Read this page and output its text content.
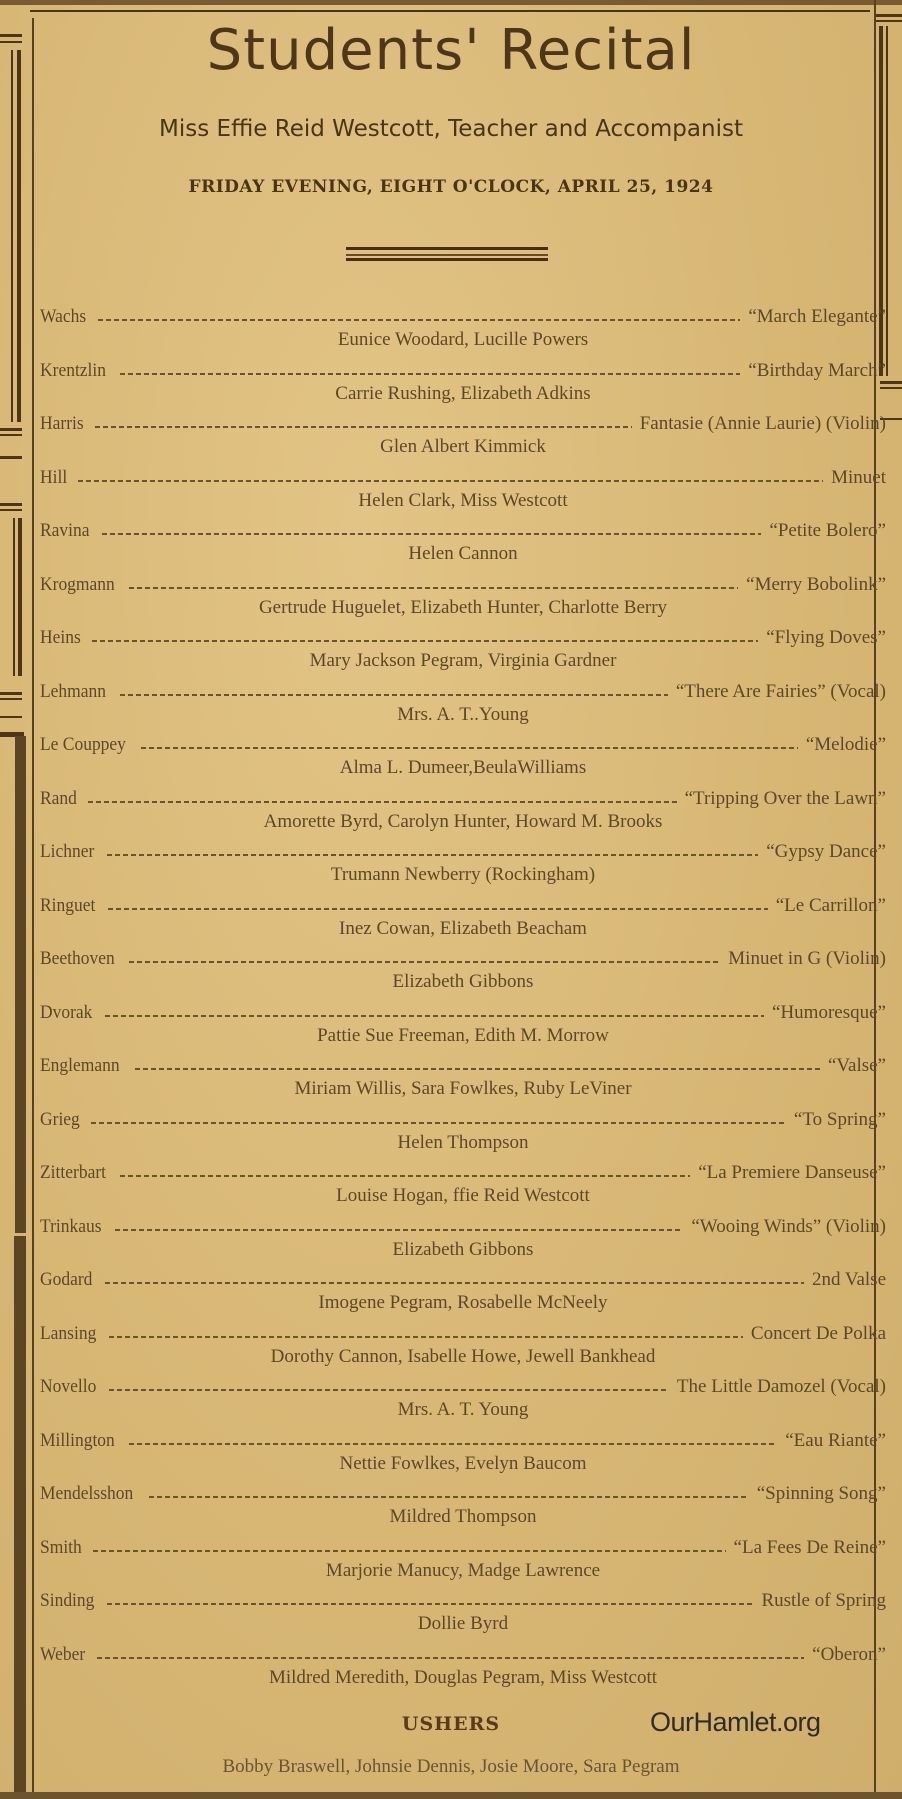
Students' Recital
Miss Effie Reid Westcott, Teacher and Accompanist
FRIDAY EVENING, EIGHT O'CLOCK, APRIL 25, 1924
Wachs	“March Elegante”
Eunice Woodard, Lucille Powers
Krentzlin	“Birthday March”
Carrie Rushing, Elizabeth Adkins
Harris	Fantasie (Annie Laurie) (Violin)
Glen Albert Kimmick
Hill	Minuet
Helen Clark, Miss Westcott
Ravina	“Petite Bolero”
Helen Cannon
Krogmann	“Merry Bobolink”
Gertrude Huguelet, Elizabeth Hunter, Charlotte Berry
Heins	“Flying Doves”
Mary Jackson Pegram, Virginia Gardner
Lehmann	“There Are Fairies” (Vocal)
Mrs. A. T..Young
Le Couppey	“Melodie”
Alma L. Dumeer,BeulaWilliams
Rand	“Tripping Over the Lawn”
Amorette Byrd, Carolyn Hunter, Howard M. Brooks
Lichner	“Gypsy Dance”
Trumann Newberry (Rockingham)
Ringuet	“Le Carrillon”
Inez Cowan, Elizabeth Beacham
Beethoven	Minuet in G (Violin)
Elizabeth Gibbons
Dvorak	“Humoresque”
Pattie Sue Freeman, Edith M. Morrow
Englemann	“Valse”
Miriam Willis, Sara Fowlkes, Ruby LeViner
Grieg	“To Spring”
Helen Thompson
Zitterbart	“La Premiere Danseuse”
Louise Hogan, ffie Reid Westcott
Trinkaus	“Wooing Winds” (Violin)
Elizabeth Gibbons
Godard	2nd Valse
Imogene Pegram, Rosabelle McNeely
Lansing	Concert De Polka
Dorothy Cannon, Isabelle Howe, Jewell Bankhead
Novello	The Little Damozel (Vocal)
Mrs. A. T. Young
Millington	“Eau Riante”
Nettie Fowlkes, Evelyn Baucom
Mendelsshon	“Spinning Song”
Mildred Thompson
Smith	“La Fees De Reine”
Marjorie Manucy, Madge Lawrence
Sinding	Rustle of Spring
Dollie Byrd
Weber	“Oberon”
Mildred Meredith, Douglas Pegram, Miss Westcott
USHERS	OurHamlet.org
Bobby Braswell, Johnsie Dennis, Josie Moore, Sara Pegram
